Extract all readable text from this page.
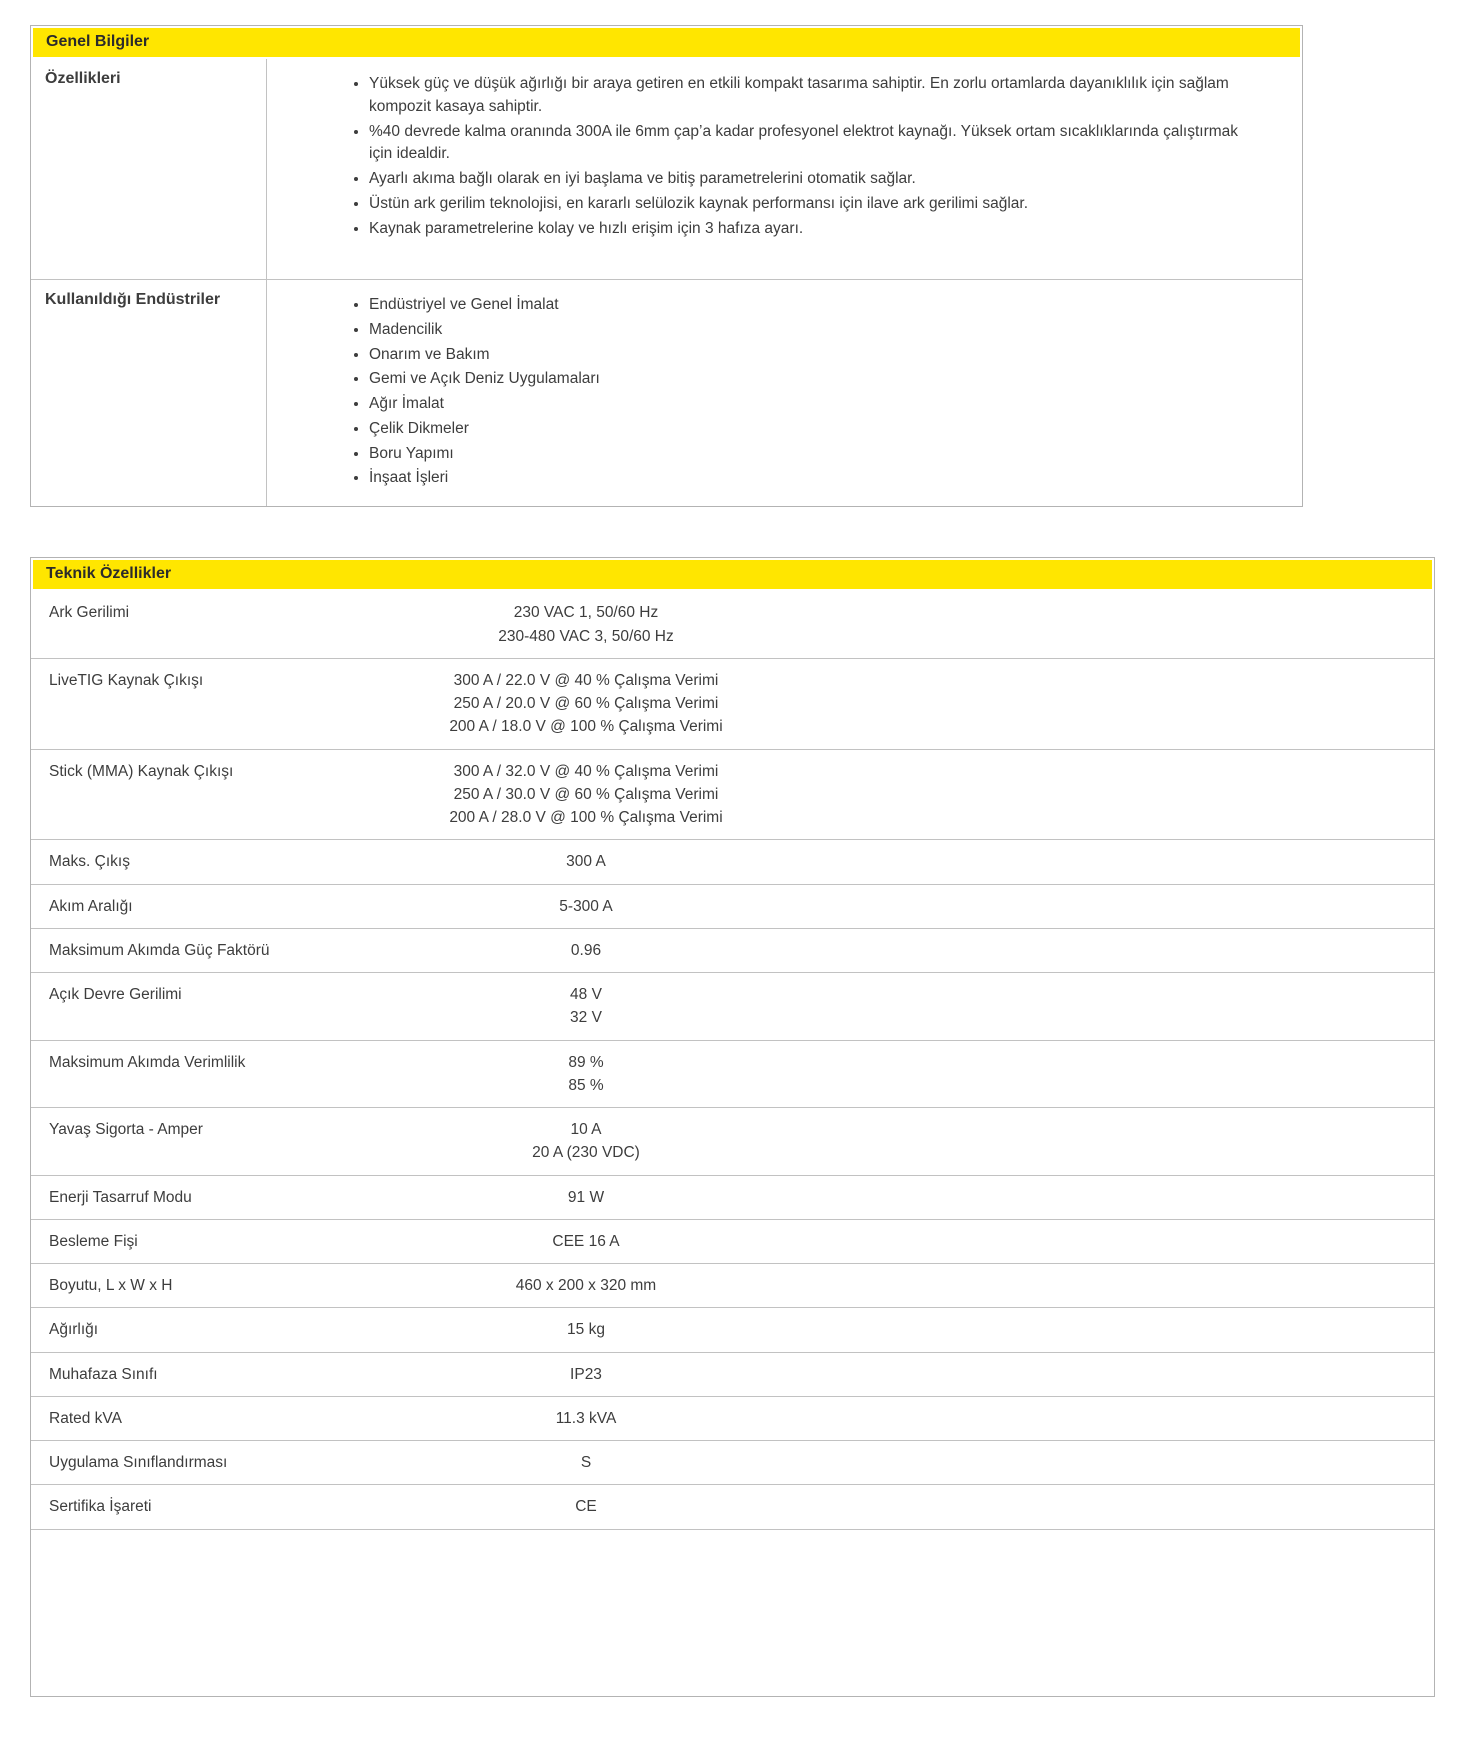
Genel Bilgiler
Özellikleri	• Yüksek güç ve düşük ağırlığı bir araya getiren en etkili kompakt tasarıma sahiptir. En zorlu ortamlarda dayanıklılık için sağlam kompozit kasaya sahiptir.
• %40 devrede kalma oranında 300A ile 6mm çap’a kadar profesyonel elektrot kaynağı. Yüksek ortam sıcaklıklarında çalıştırmak için idealdir.
• Ayarlı akıma bağlı olarak en iyi başlama ve bitiş parametrelerini otomatik sağlar.
• Üstün ark gerilim teknolojisi, en kararlı selülozik kaynak performansı için ilave ark gerilimi sağlar.
• Kaynak parametrelerine kolay ve hızlı erişim için 3 hafıza ayarı.
Kullanıldığı Endüstriler	• Endüstriyel ve Genel İmalat
• Madencilik
• Onarım ve Bakım
• Gemi ve Açık Deniz Uygulamaları
• Ağır İmalat
• Çelik Dikmeler
• Boru Yapımı
• İnşaat İşleri
Teknik Özellikler
Ark Gerilimi	230 VAC 1, 50/60 Hz
230-480 VAC 3, 50/60 Hz
LiveTIG Kaynak Çıkışı	300 A / 22.0 V @ 40 % Çalışma Verimi
250 A / 20.0 V @ 60 % Çalışma Verimi
200 A / 18.0 V @ 100 % Çalışma Verimi
Stick (MMA) Kaynak Çıkışı	300 A / 32.0 V @ 40 % Çalışma Verimi
250 A / 30.0 V @ 60 % Çalışma Verimi
200 A / 28.0 V @ 100 % Çalışma Verimi
Maks. Çıkış	300 A
Akım Aralığı	5-300 A
Maksimum Akımda Güç Faktörü	0.96
Açık Devre Gerilimi	48 V
32 V
Maksimum Akımda Verimlilik	89 %
85 %
Yavaş Sigorta - Amper	10 A
20 A (230 VDC)
Enerji Tasarruf Modu	91 W
Besleme Fişi	CEE 16 A
Boyutu, L x W x H	460 x 200 x 320 mm
Ağırlığı	15 kg
Muhafaza Sınıfı	IP23
Rated kVA	11.3 kVA
Uygulama Sınıflandırması	S
Sertifika İşareti	CE
